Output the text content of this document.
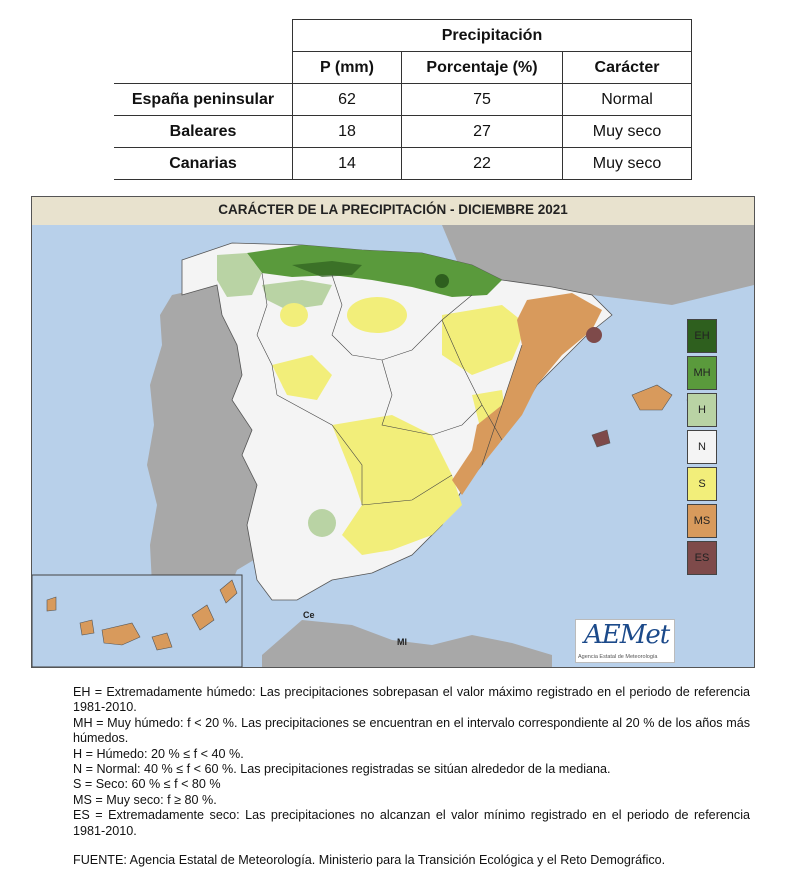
	Precipitación		
	P (mm)	Porcentaje (%)	Carácter
España peninsular	62	75	Normal
Baleares	18	27	Muy seco
Canarias	14	22	Muy seco
CARÁCTER DE LA PRECIPITACIÓN - DICIEMBRE 2021
Ce
Ml
EH
MH
H
N
S
MS
ES
AEMet
Agencia Estatal de Meteorología

EH = Extremadamente húmedo: Las precipitaciones sobrepasan el valor máximo registrado en el periodo de referencia 1981-2010.

MH = Muy húmedo: f < 20 %. Las precipitaciones se encuentran en el intervalo correspondiente al 20 % de los años más húmedos.

H = Húmedo: 20 % ≤ f < 40 %.

N = Normal: 40 % ≤ f < 60 %. Las precipitaciones registradas se sitúan alrededor de la mediana.

S = Seco: 60 % ≤ f < 80 %

MS = Muy seco: f ≥ 80 %.

ES = Extremadamente seco: Las precipitaciones no alcanzan el valor mínimo registrado en el periodo de referencia 1981-2010.

FUENTE: Agencia Estatal de Meteorología. Ministerio para la Transición Ecológica y el Reto Demográfico.
